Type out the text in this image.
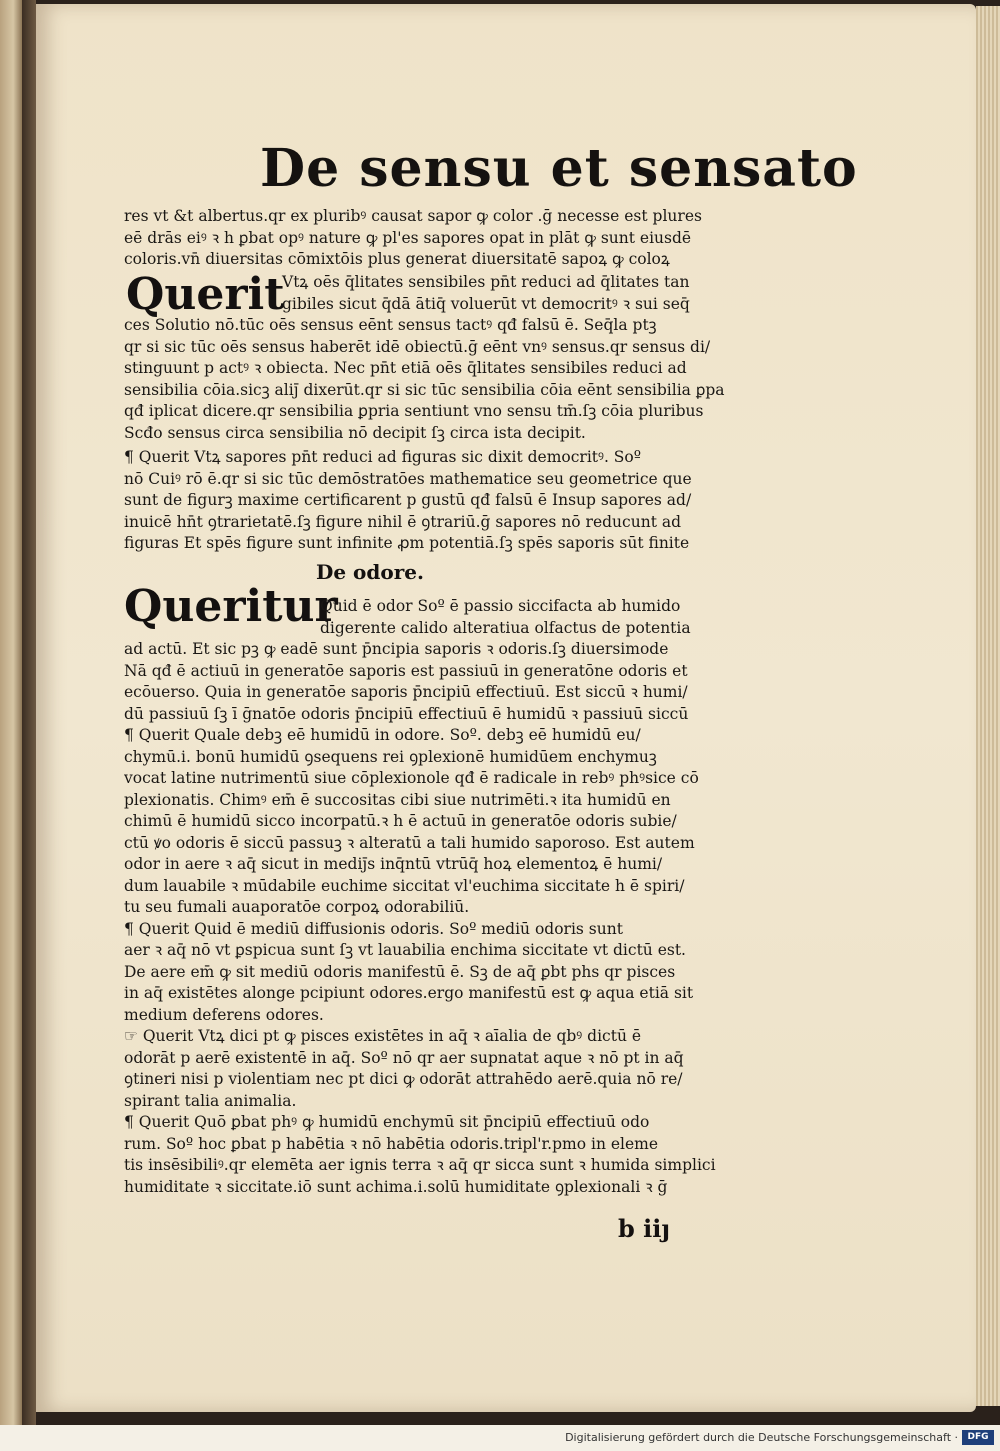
De sensu et sensato
res vt &t albertus.qr ex pluribꝰ causat sapor ꝙ color .ḡ necesse est plures
eē drās eiꝰ ꝛ h ꝑbat opꝰ nature ꝙ pl'es sapores opat in plāt ꝙ sunt eiusdē
coloris.vn̄ diuersitas cōmixtōis plus generat diuersitatē sapoꝝ ꝙ coloꝝ
Querit
Vtꝝ oēs q̄litates sensibiles pn̄t reduci ad q̄litates tan
gibiles sicut q̄dā ātiq̄ voluerūt vt democritꝰ ꝛ sui seq̄
ces Solutio nō.tūc oēs sensus eēnt sensus tactꝰ qđ falsū ē. Seq̄la ptꝫ
qr si sic tūc oēs sensus haberēt idē obiectū.ḡ eēnt vnꝰ sensus.qr sensus di/
stinguunt p actꝰ ꝛ obiecta. Nec pn̄t etiā oēs q̄litates sensibiles reduci ad
sensibilia cōia.sicꝫ aliȷ̄ dixerūt.qr si sic tūc sensibilia cōia eēnt sensibilia ꝑpa
qđ iplicat dicere.qr sensibilia ꝑpria sentiunt vno sensu tm̄.ſꝫ cōia pluribus
Scđo sensus circa sensibilia nō decipit ſꝫ circa ista decipit.
¶ Querit Vtꝝ sapores pn̄t reduci ad figuras sic dixit democritꝰ. Soº
nō Cuiꝰ rō ē.qr si sic tūc demōstratōes mathematice seu geometrice que
sunt de figurꝫ maxime certificarent p gustū qđ falsū ē Insup sapores ad/
inuicē hn̄t ꝯtrarietatē.ſꝫ figure nihil ē ꝯtrariū.ḡ sapores nō reducunt ad
figuras Et spēs figure sunt infinite ꝓm potentiā.ſꝫ spēs saporis sūt finite
De odore.
Queritur
Quid ē odor Soº ē passio siccifacta ab humido
digerente calido alteratiua olfactus de potentia
ad actū. Et sic pꝫ ꝙ eadē sunt p̄ncipia saporis ꝛ odoris.ſꝫ diuersimode
Nā qđ ē actiuū in generatōe saporis est passiuū in generatōne odoris et
ecōuerso. Quia in generatōe saporis p̄ncipiū effectiuū. Est siccū ꝛ humi/
dū passiuū ſꝫ ī ḡnatōe odoris p̄ncipiū effectiuū ē humidū ꝛ passiuū siccū
¶ Querit Quale debꝫ eē humidū in odore. Soº. debꝫ eē humidū eu/
chymū.i. bonū humidū ꝯsequens rei ꝯplexionē humidūem enchymuꝫ
vocat latine nutrimentū siue cōplexionole qđ ē radicale in rebꝰ phꝰsice cō
plexionatis. Chimꝰ em̄ ē succositas cibi siue nutrimēti.ꝛ ita humidū en
chimū ē humidū sicco incorpatū.ꝛ h ē actuū in generatōe odoris subie/
ctū ꝟo odoris ē siccū passuꝫ ꝛ alteratū a tali humido saporoso. Est autem
odor in aere ꝛ aq̄ sicut in mediȷ̄s inq̄ntū vtrūq̄ hoꝝ elementoꝝ ē humi/
dum lauabile ꝛ mūdabile euchime siccitat vl'euchima siccitate h ē spiri/
tu seu fumali auaporatōe corpoꝝ odorabiliū.
¶ Querit Quid ē mediū diffusionis odoris. Soº mediū odoris sunt
aer ꝛ aq̄ nō vt ꝑspicua sunt ſꝫ vt lauabilia enchima siccitate vt dictū est.
De aere em̄ ꝙ sit mediū odoris manifestū ē. Sꝫ de aq̄ ꝑbt phs qr pisces
in aq̄ existētes alonge pcipiunt odores.ergo manifestū est ꝙ aqua etiā sit
medium deferens odores.
☞ Querit Vtꝝ dici pt ꝙ pisces existētes in aq̄ ꝛ aīalia de qbꝰ dictū ē
odorāt p aerē existentē in aq̄. Soº nō qr aer supnatat aque ꝛ nō pt in aq̄
ꝯtineri nisi p violentiam nec pt dici ꝙ odorāt attrahēdo aerē.quia nō re/
spirant talia animalia.
¶ Querit Quō ꝑbat phꝰ ꝙ humidū enchymū sit p̄ncipiū effectiuū odo
rum. Soº hoc ꝑbat p habētia ꝛ nō habētia odoris.tripl'r.pmo in eleme
tis insēsibiliꝰ.qr elemēta aer ignis terra ꝛ aq̄ qr sicca sunt ꝛ humida simplici
humiditate ꝛ siccitate.iō sunt achima.i.solū humiditate ꝯplexionali ꝛ ḡ
b iiȷ
Digitalisierung gefördert durch die Deutsche Forschungsgemeinschaft ·	DFG
